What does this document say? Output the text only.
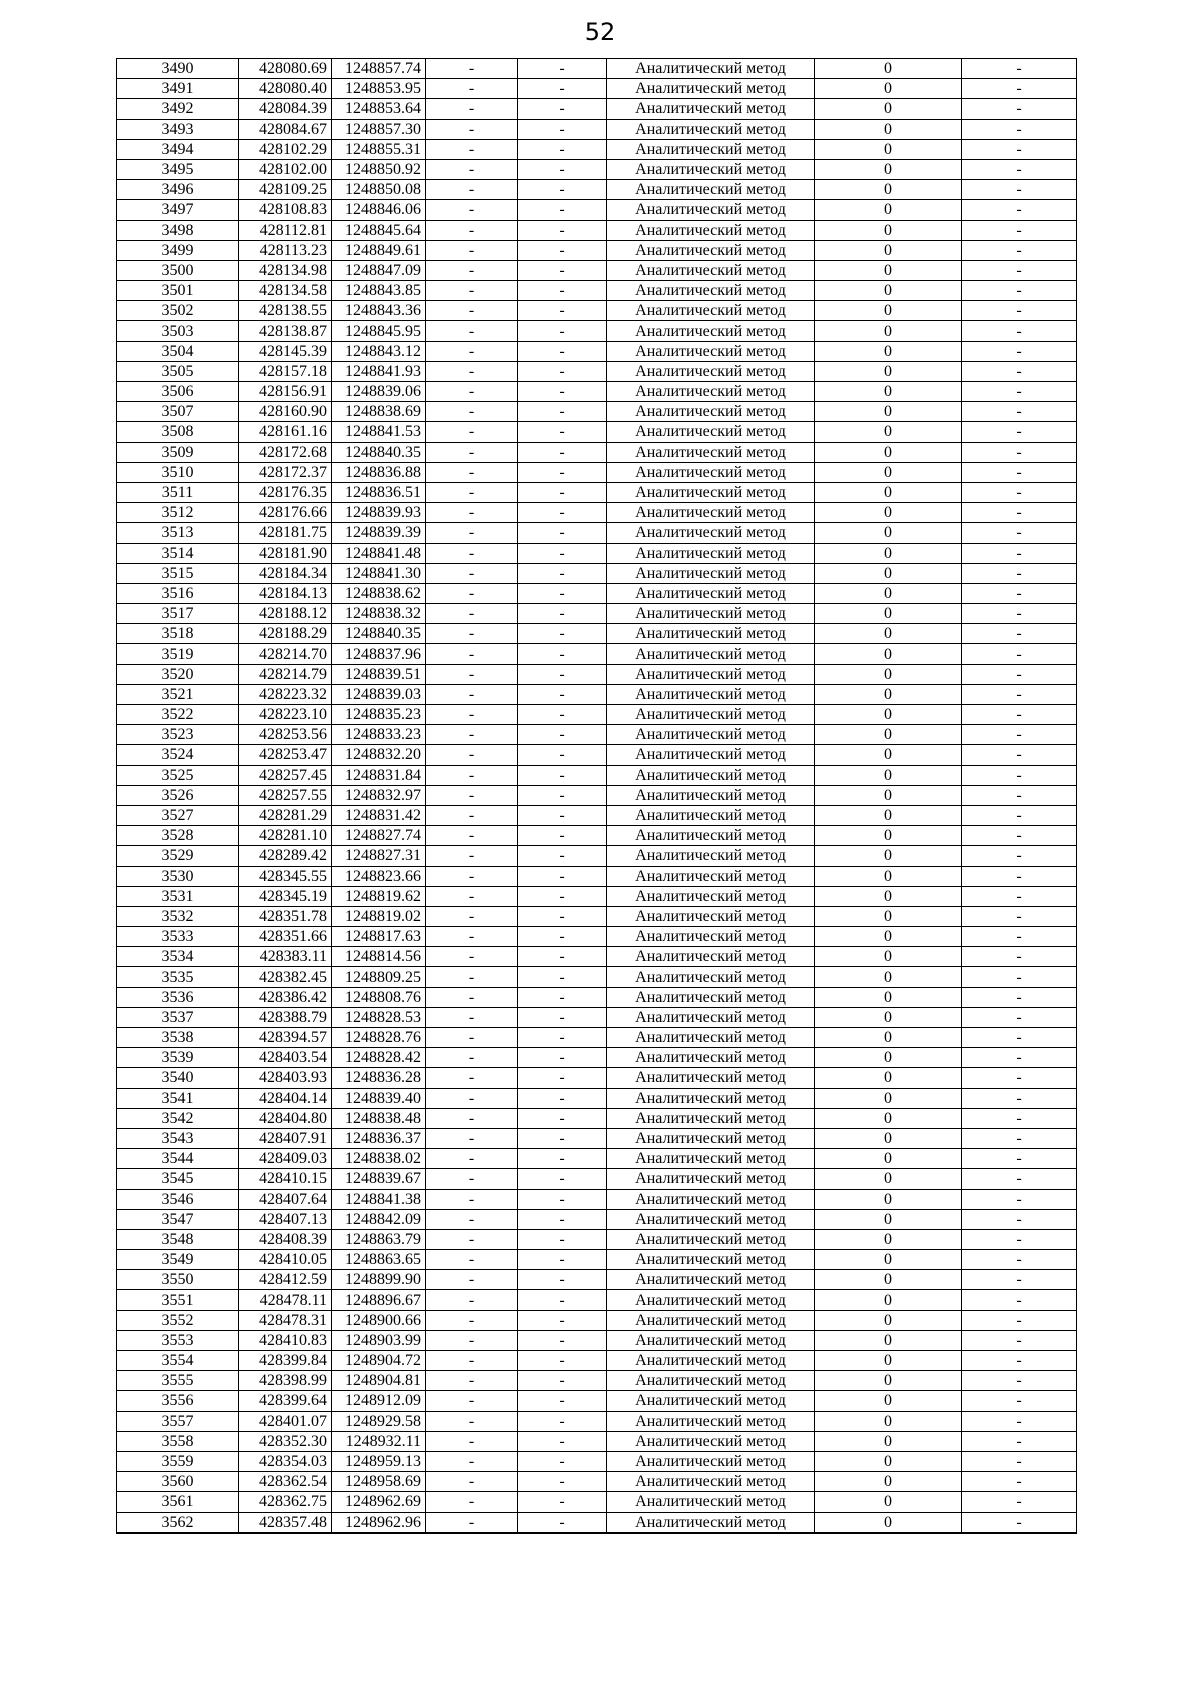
52
3490	428080.69	1248857.74	-	-	Аналитический метод	0	-
3491	428080.40	1248853.95	-	-	Аналитический метод	0	-
3492	428084.39	1248853.64	-	-	Аналитический метод	0	-
3493	428084.67	1248857.30	-	-	Аналитический метод	0	-
3494	428102.29	1248855.31	-	-	Аналитический метод	0	-
3495	428102.00	1248850.92	-	-	Аналитический метод	0	-
3496	428109.25	1248850.08	-	-	Аналитический метод	0	-
3497	428108.83	1248846.06	-	-	Аналитический метод	0	-
3498	428112.81	1248845.64	-	-	Аналитический метод	0	-
3499	428113.23	1248849.61	-	-	Аналитический метод	0	-
3500	428134.98	1248847.09	-	-	Аналитический метод	0	-
3501	428134.58	1248843.85	-	-	Аналитический метод	0	-
3502	428138.55	1248843.36	-	-	Аналитический метод	0	-
3503	428138.87	1248845.95	-	-	Аналитический метод	0	-
3504	428145.39	1248843.12	-	-	Аналитический метод	0	-
3505	428157.18	1248841.93	-	-	Аналитический метод	0	-
3506	428156.91	1248839.06	-	-	Аналитический метод	0	-
3507	428160.90	1248838.69	-	-	Аналитический метод	0	-
3508	428161.16	1248841.53	-	-	Аналитический метод	0	-
3509	428172.68	1248840.35	-	-	Аналитический метод	0	-
3510	428172.37	1248836.88	-	-	Аналитический метод	0	-
3511	428176.35	1248836.51	-	-	Аналитический метод	0	-
3512	428176.66	1248839.93	-	-	Аналитический метод	0	-
3513	428181.75	1248839.39	-	-	Аналитический метод	0	-
3514	428181.90	1248841.48	-	-	Аналитический метод	0	-
3515	428184.34	1248841.30	-	-	Аналитический метод	0	-
3516	428184.13	1248838.62	-	-	Аналитический метод	0	-
3517	428188.12	1248838.32	-	-	Аналитический метод	0	-
3518	428188.29	1248840.35	-	-	Аналитический метод	0	-
3519	428214.70	1248837.96	-	-	Аналитический метод	0	-
3520	428214.79	1248839.51	-	-	Аналитический метод	0	-
3521	428223.32	1248839.03	-	-	Аналитический метод	0	-
3522	428223.10	1248835.23	-	-	Аналитический метод	0	-
3523	428253.56	1248833.23	-	-	Аналитический метод	0	-
3524	428253.47	1248832.20	-	-	Аналитический метод	0	-
3525	428257.45	1248831.84	-	-	Аналитический метод	0	-
3526	428257.55	1248832.97	-	-	Аналитический метод	0	-
3527	428281.29	1248831.42	-	-	Аналитический метод	0	-
3528	428281.10	1248827.74	-	-	Аналитический метод	0	-
3529	428289.42	1248827.31	-	-	Аналитический метод	0	-
3530	428345.55	1248823.66	-	-	Аналитический метод	0	-
3531	428345.19	1248819.62	-	-	Аналитический метод	0	-
3532	428351.78	1248819.02	-	-	Аналитический метод	0	-
3533	428351.66	1248817.63	-	-	Аналитический метод	0	-
3534	428383.11	1248814.56	-	-	Аналитический метод	0	-
3535	428382.45	1248809.25	-	-	Аналитический метод	0	-
3536	428386.42	1248808.76	-	-	Аналитический метод	0	-
3537	428388.79	1248828.53	-	-	Аналитический метод	0	-
3538	428394.57	1248828.76	-	-	Аналитический метод	0	-
3539	428403.54	1248828.42	-	-	Аналитический метод	0	-
3540	428403.93	1248836.28	-	-	Аналитический метод	0	-
3541	428404.14	1248839.40	-	-	Аналитический метод	0	-
3542	428404.80	1248838.48	-	-	Аналитический метод	0	-
3543	428407.91	1248836.37	-	-	Аналитический метод	0	-
3544	428409.03	1248838.02	-	-	Аналитический метод	0	-
3545	428410.15	1248839.67	-	-	Аналитический метод	0	-
3546	428407.64	1248841.38	-	-	Аналитический метод	0	-
3547	428407.13	1248842.09	-	-	Аналитический метод	0	-
3548	428408.39	1248863.79	-	-	Аналитический метод	0	-
3549	428410.05	1248863.65	-	-	Аналитический метод	0	-
3550	428412.59	1248899.90	-	-	Аналитический метод	0	-
3551	428478.11	1248896.67	-	-	Аналитический метод	0	-
3552	428478.31	1248900.66	-	-	Аналитический метод	0	-
3553	428410.83	1248903.99	-	-	Аналитический метод	0	-
3554	428399.84	1248904.72	-	-	Аналитический метод	0	-
3555	428398.99	1248904.81	-	-	Аналитический метод	0	-
3556	428399.64	1248912.09	-	-	Аналитический метод	0	-
3557	428401.07	1248929.58	-	-	Аналитический метод	0	-
3558	428352.30	1248932.11	-	-	Аналитический метод	0	-
3559	428354.03	1248959.13	-	-	Аналитический метод	0	-
3560	428362.54	1248958.69	-	-	Аналитический метод	0	-
3561	428362.75	1248962.69	-	-	Аналитический метод	0	-
3562	428357.48	1248962.96	-	-	Аналитический метод	0	-
